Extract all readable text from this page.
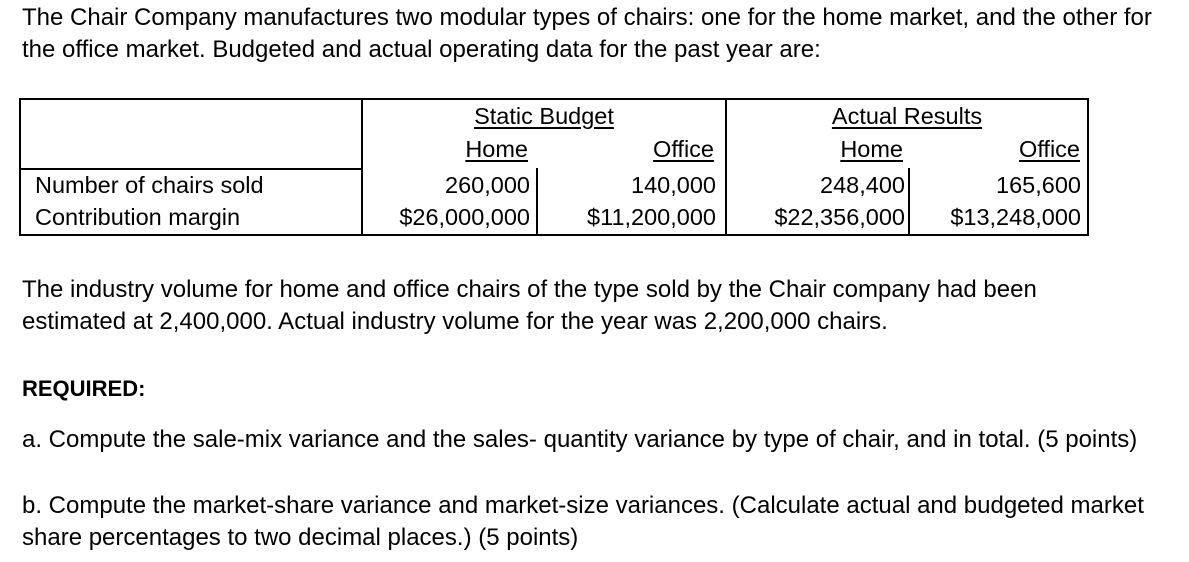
The Chair Company manufactures two modular types of chairs: one for the home market, and the other for the office market. Budgeted and actual operating data for the past year are:

Static Budget	Actual Results
Home	Office	Home	Office
Number of chairs sold	260,000	140,000	248,400	165,600
Contribution margin	$26,000,000	$11,200,000	$22,356,000	$13,248,000

The industry volume for home and office chairs of the type sold by the Chair company had been estimated at 2,400,000. Actual industry volume for the year was 2,200,000 chairs.

REQUIRED:

a. Compute the sale-mix variance and the sales- quantity variance by type of chair, and in total. (5 points)

b. Compute the market-share variance and market-size variances. (Calculate actual and budgeted market share percentages to two decimal places.) (5 points)
